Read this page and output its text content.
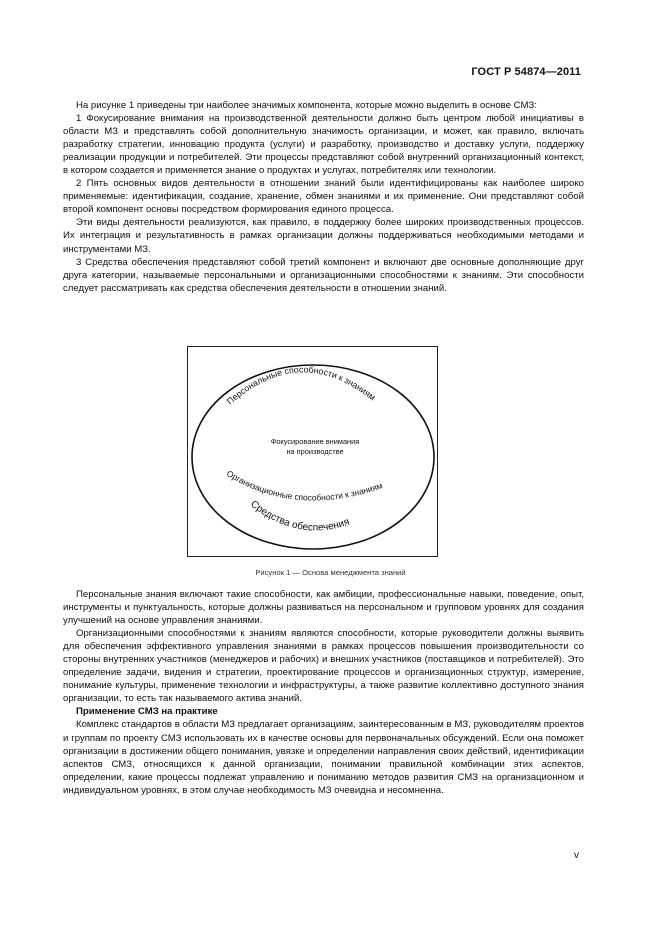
ГОСТ Р 54874—2011

На рисунке 1 приведены три наиболее значимых компонента, которые можно выделить в основе СМЗ:

1 Фокусирование внимания на производственной деятельности должно быть центром любой инициативы в области МЗ и представлять собой дополнительную значимость организации, и может, как правило, включать разработку стратегии, инновацию продукта (услуги) и разработку, производство и доставку услуги, поддержку реализации продукции и потребителей. Эти процессы представляют собой внутренний организационный контекст, в котором создается и применяется знание о продуктах и услугах, потребителях или технологии.

2 Пять основных видов деятельности в отношении знаний были идентифицированы как наиболее широко применяемые: идентификация, создание, хранение, обмен знаниями и их применение. Они представляют собой второй компонент основы посредством формирования единого процесса.

Эти виды деятельности реализуются, как правило, в поддержку более широких производственных процессов. Их интеграция и результативность в рамках организации должны поддерживаться необходимыми методами и инструментами МЗ.

3 Средства обеспечения представляют собой третий компонент и включают две основные дополняющие друг друга категории, называемые персональными и организационными способностями к знаниям. Эти способности следует рассматривать как средства обеспечения деятельности в отношении знаний.

Персональные способности к знаниям
Фокусирование внимания
на производстве
Организационные способности к знаниям
Средства обеспечения
Рисунок 1 — Основа менеджмента знаний

Персональные знания включают такие способности, как амбиции, профессиональные навыки, поведение, опыт, инструменты и пунктуальность, которые должны развиваться на персональном и групповом уровнях для создания улучшений на основе управления знаниями.

Организационными способностями к знаниям являются способности, которые руководители должны выявить для обеспечения эффективного управления знаниями в рамках процессов повышения производительности со стороны внутренних участников (менеджеров и рабочих) и внешних участников (поставщиков и потребителей). Это определение задачи, видения и стратегии, проектирование процессов и организационных структур, измерение, понимание культуры, применение технологии и инфраструктуры, а также развитие коллективно доступного знания организации, то есть так называемого актива знаний.

Применение СМЗ на практике

Комплекс стандартов в области МЗ предлагает организациям, заинтересованным в МЗ, руководителям проектов и группам по проекту СМЗ использовать их в качестве основы для первоначальных обсуждений. Если она поможет организации в достижении общего понимания, увязке и определении направления своих действий, идентификации аспектов СМЗ, относящихся к данной организации, понимании правильной комбинации этих аспектов, определении, какие процессы подлежат управлению и пониманию методов развития СМЗ на организационном и индивидуальном уровнях, в этом случае необходимость МЗ очевидна и несомненна.

v
